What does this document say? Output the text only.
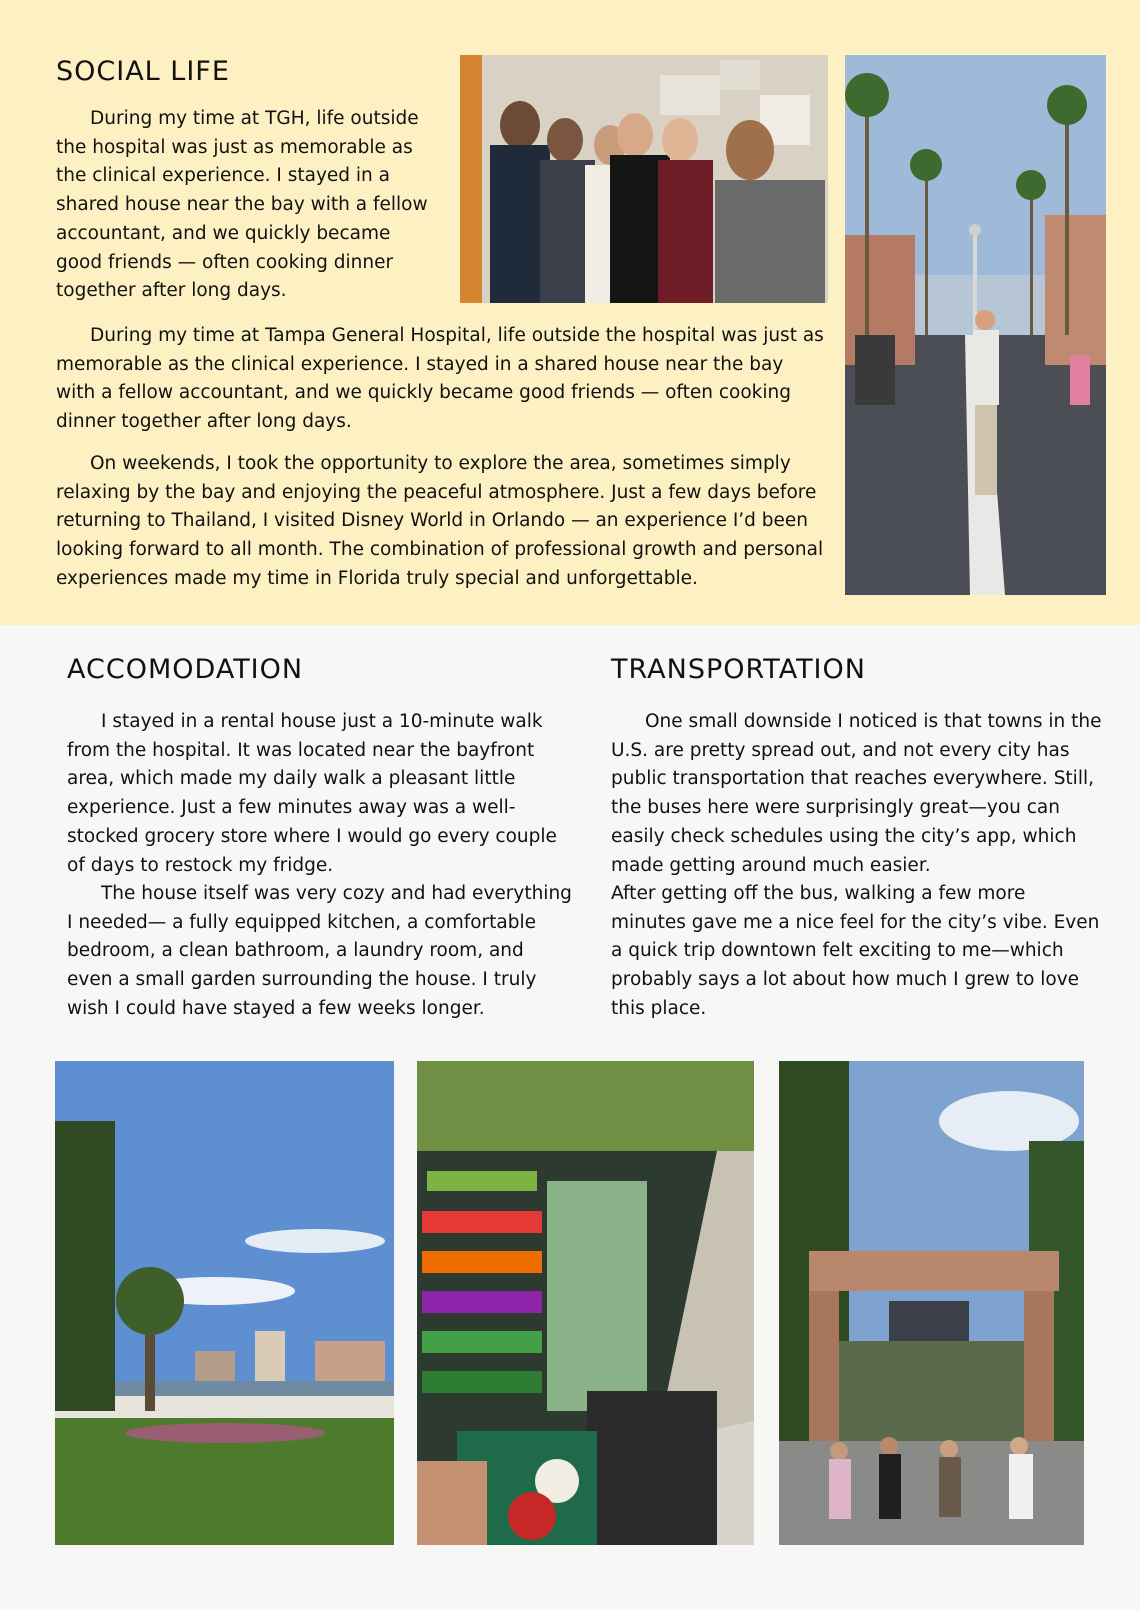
SOCIAL LIFE

During my time at TGH, life outside the hospital was just as memorable as the clinical experience. I stayed in a shared house near the bay with a fellow accountant, and we quickly became good friends — often cooking dinner together after long days.

During my time at Tampa General Hospital, life outside the hospital was just as memorable as the clinical experience. I stayed in a shared house near the bay with a fellow accountant, and we quickly became good friends — often cooking dinner together after long days.

On weekends, I took the opportunity to explore the area, sometimes simply relaxing by the bay and enjoying the peaceful atmosphere. Just a few days before returning to Thailand, I visited Disney World in Orlando — an experience I’d been looking forward to all month. The combination of professional growth and personal experiences made my time in Florida truly special and unforgettable.

ACCOMODATION

I stayed in a rental house just a 10-minute walk from the hospital. It was located near the bayfront area, which made my daily walk a pleasant little experience. Just a few minutes away was a well-stocked grocery store where I would go every couple of days to restock my fridge.

The house itself was very cozy and had everything I needed— a fully equipped kitchen, a comfortable bedroom, a clean bathroom, a laundry room, and even a small garden surrounding the house. I truly wish I could have stayed a few weeks longer.

TRANSPORTATION

One small downside I noticed is that towns in the U.S. are pretty spread out, and not every city has public transportation that reaches everywhere. Still, the buses here were surprisingly great—you can easily check schedules using the city’s app, which made getting around much easier.

After getting off the bus, walking a few more minutes gave me a nice feel for the city’s vibe. Even a quick trip downtown felt exciting to me—which probably says a lot about how much I grew to love this place.
